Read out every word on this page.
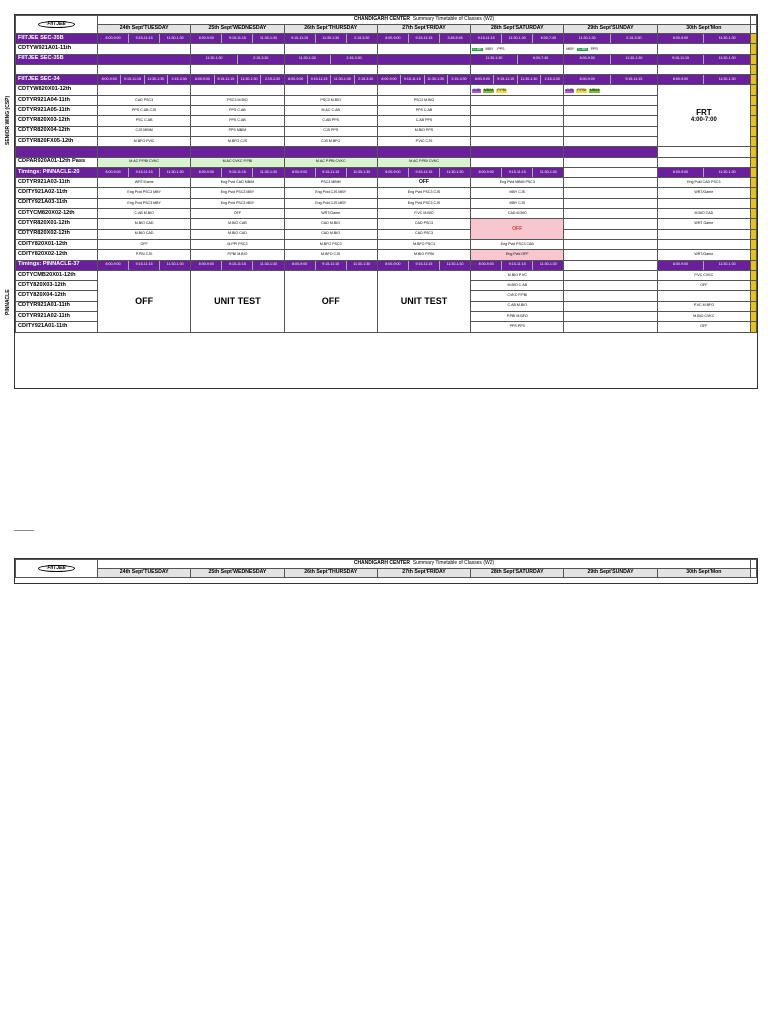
SENIOR WING (CSP)
PINNACLE
FIITJEE	CHANDIGARH CENTER Summary Timetable of Classes (W2)							
	24th Sept'TUESDAY	25th Sept'WEDNESDAY	26th Sept'THURSDAY	27th Sept'FRIDAY	28th Sept'SATURDAY	29th Sept'SUNDAY	30th Sept'Mon	
FIITJEE SEC-35B	8:00-9:00 9:15-11:15 11:30-1:30	8:00-9:00 9:15-11:15 11:30-1:30	9:15-11:15 11:30-1:30 2:15-3:30	8:00-9:00 9:15-11:15 3:45-5:45	9:15-11:15 11:30-1:30 6:00-7:45	11:30-1:30 2:15-3:30	8:00-9:00 11:30-1:30	

CDTYW921A01-11th					C.AB MBY PPS	MBY C.AB PPS		
FIITJEE SEC-35B		11:30-1:30 2:15-3:30	11:30-1:30 2:15-3:30		11:30-1:30 6:00-7:45	8:00-9:00 11:30-1:30	9:15-11:15 11:30-1:30	

FIITJEE SEC-34	8:00-9:00 9:15-11:15 11:30-1:30 2:15-3:30	8:00-9:00 9:15-11:15 11:30-1:30 2:15-3:30	8:00-9:00 9:15-11:15 11:30-1:30 2:15-3:30	8:00-9:00 9:15-11:15 11:30-1:30 2:15-3:30	8:00-9:00 9:15-11:15 11:30-1:30 2:15-3:30	8:00-9:00 9:15-11:15	8:00-9:00 11:30-1:30	

CDTYW820X01-12th					CJS MBIM P.PBI	CJS P.PBI MBIM	FRT
4:00-7:00	

CDTYR921A04-11th	CAD PSC3	PSC3 M.BIO	PSC3 M.BIO	PSC3 M.BIO				
CDTYR921A05-11th	PPS C.AB CJS	PPS C.AB	M.AC C.AB	PPS C.AB				
CDTYR820X03-12th	PSC C.AB	PPS C.AB	C.AB PPS	C.AB PPS				
CDTYR820X04-12th	CJS MBIM	PPS MBIM	CJS PPS	M.BIO PPS				
CDTYR820FX05-12th	M.BFO PVIC	M.BFO CJS	CJS M.BFO	P.VIC CJS				

CDPAR920A01-12th Pass	M.AC P.PBI CVKC	M.AC CVKC P.PBI	M.AC P.PBI CVKC	M.AC P.PBI CVKC				
Timings: PINNACLE-20	8:00-9:00 9:15-11:15 11:30-1:30	8:00-9:00 9:15-11:15 11:30-1:30	8:00-9:00 9:15-11:15 11:30-1:30	8:00-9:00 9:15-11:15 11:30-1:30	8:00-9:00 9:15-11:15 11:30-1:30		8:00-9:00 11:30-1:30	

CDTYR921A03-11th	WRT/Game	Eng Pvid CAD MBIM	PSC3 MBIM	OFF	Eng Pvid MBIM PSC3		Eng Pvid CAD PSC3	
CDITY921A02-11th	Eng Pvid PSC3 MBY	Eng Pvid PSC3 MBY	Eng Pvid CJS MBY	Eng Pvid PSC3 CJS	MBY CJS		WRT/Game	
CDITY921A03-11th	Eng Pvid PSC3 MBY	Eng Pvid PSC3 MBY	Eng Pvid CJS MBY	Eng Pvid PSC3 CJS	MBY CJS			
CDTYCM820X02-12th	C.AB M.BIO	OFF	WRT/Game	P.VC M.BIO	CAD M.BIO		M.BIO CAD	
CDTYR820X01-12th	M.BIO CAD	M.BIO CAB	CAD M.BIO	CAD PSC3	OFF		WRT Game	
CDTYR820X02-12th	M.BIO CAD	M.BIO CAD	CAD M.BIO	CAD PSC3				
CDITY820X01-12th	OFF	M.PPI PSC3	M.BFO PSC3	M.BFO PSC3	Eng Pvid PSC3 CAB			
CDITY820X02-12th	P.PBI CJS	P.PBI M.BIO	M.BFO CJS	M.BIO P.PBI	Eng Pvid OFF		WRT/Game	
Timings: PINNACLE-37	8:00-9:00 9:15-11:15 11:30-1:30	8:00-9:00 9:15-11:15 11:30-1:30	8:00-9:00 9:15-11:15 11:30-1:30	8:00-9:00 9:15-11:15 11:30-1:30	8:00-9:00 9:15-11:15 11:30-1:30		8:00-9:00 11:30-1:30	

CDTYCMB20X01-12th	OFF	UNIT TEST	OFF	UNIT TEST	M.BIO P.VC		P.VC CVKC	
CDTY820X03-12th					M.BIO C.AB		OFF	
CDTY820X04-12th					CVKC P.PBI			
CDTYR921A01-11th					C.AB M.BIO		P.VC M.BFO	
CDTYR921A02-11th					P.PBI M.BFO		M.BIO CVKC	
CDITY921A01-11th					PPS PPS		OFF	
FIITJEE	CHANDIGARH CENTER Summary Timetable of Classes (W2)							
	24th Sept'TUESDAY	25th Sept'WEDNESDAY	26th Sept'THURSDAY	27th Sept'FRIDAY	28th Sept'SATURDAY	29th Sept'SUNDAY	30th Sept'Mon	
